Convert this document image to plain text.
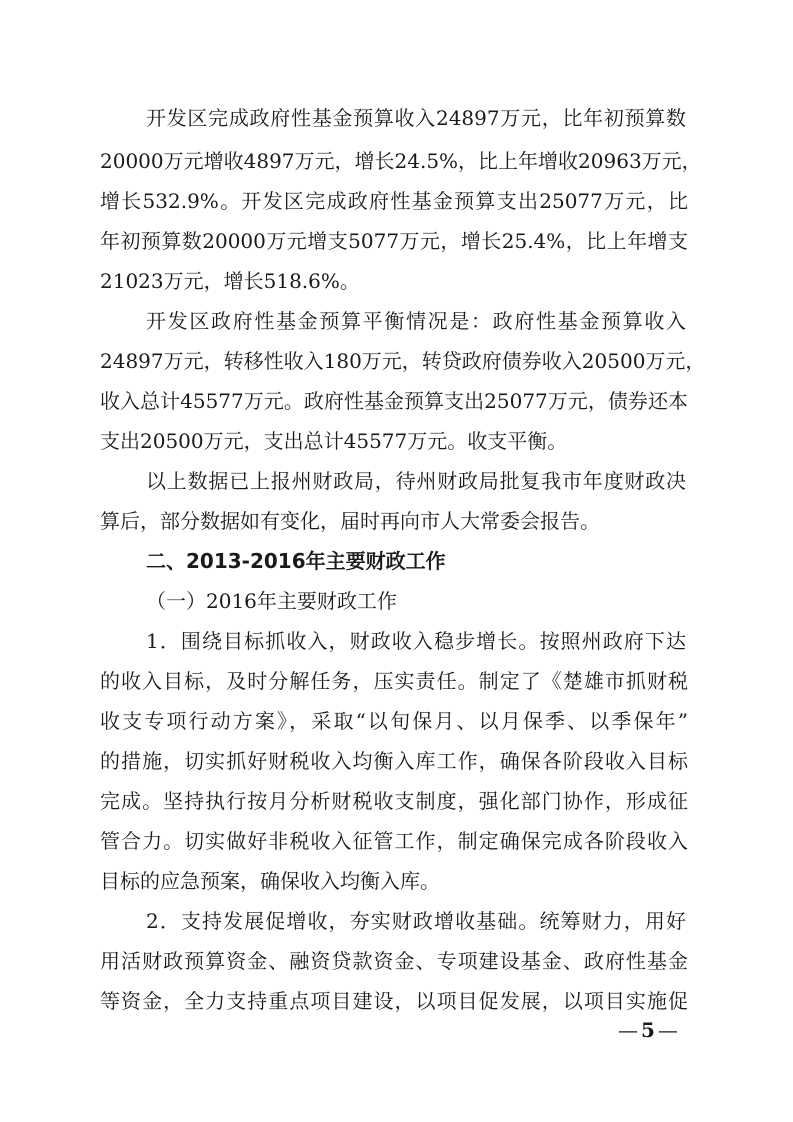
开发区完成政府性基金预算收入24897万元，比年初预算数
20000万元增收4897万元，增长24.5%，比上年增收20963万元，
增长532.9%。开发区完成政府性基金预算支出25077万元，比
年初预算数20000万元增支5077万元，增长25.4%，比上年增支
21023万元，增长518.6%。
开发区政府性基金预算平衡情况是：政府性基金预算收入
24897万元，转移性收入180万元，转贷政府债券收入20500万元，
收入总计45577万元。政府性基金预算支出25077万元，债券还本
支出20500万元，支出总计45577万元。收支平衡。
以上数据已上报州财政局，待州财政局批复我市年度财政决
算后，部分数据如有变化，届时再向市人大常委会报告。
二、2013-2016年主要财政工作
（一）2016年主要财政工作
1．围绕目标抓收入，财政收入稳步增长。按照州政府下达
的收入目标，及时分解任务，压实责任。制定了《楚雄市抓财税
收支专项行动方案》，采取“以旬保月、以月保季、以季保年”
的措施，切实抓好财税收入均衡入库工作，确保各阶段收入目标
完成。坚持执行按月分析财税收支制度，强化部门协作，形成征
管合力。切实做好非税收入征管工作，制定确保完成各阶段收入
目标的应急预案，确保收入均衡入库。
2．支持发展促增收，夯实财政增收基础。统筹财力，用好
用活财政预算资金、融资贷款资金、专项建设基金、政府性基金
等资金，全力支持重点项目建设，以项目促发展，以项目实施促
— 5 —
